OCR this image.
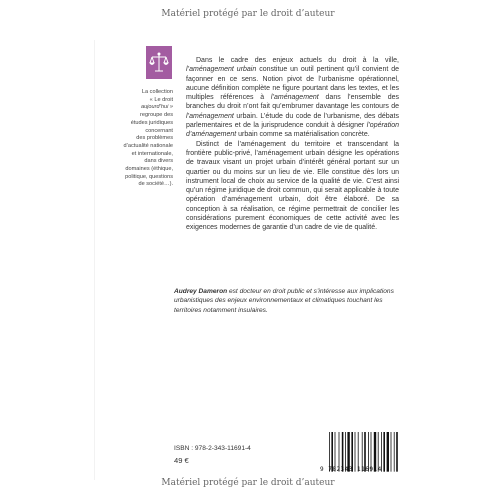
Matériel protégé par le droit d’auteur
La collection
« Le droit
aujourd’hui »
regroupe des
études juridiques
concernant
des problèmes
d’actualité nationale
et internationale,
dans divers
domaines (éthique,
politique, questions
de société…).

Dans le cadre des enjeux actuels du droit à la ville, l’aménagement urbain constitue un outil pertinent qu’il convient de façonner en ce sens. Notion pivot de l’urbanisme opérationnel, aucune définition complète ne figure pourtant dans les textes, et les multiples références à l’aménagement dans l’ensemble des branches du droit n’ont fait qu’embrumer davantage les contours de l’aménagement urbain. L’étude du code de l’urbanisme, des débats parlementaires et de la jurisprudence conduit à désigner l’opération d’aménagement urbain comme sa matérialisation concrète.

Distinct de l’aménagement du territoire et transcendant la frontière public-privé, l’aménagement urbain désigne les opérations de travaux visant un projet urbain d’intérêt général portant sur un quartier ou du moins sur un lieu de vie. Elle constitue dès lors un instrument local de choix au service de la qualité de vie. C’est ainsi qu’un régime juridique de droit commun, qui serait applicable à toute opération d’aménagement urbain, doit être élaboré. De sa conception à sa réalisation, ce régime permettrait de concilier les considérations purement économiques de cette activité avec les exigences modernes de garantie d’un cadre de vie de qualité.

Audrey Dameron est docteur en droit public et s’intéresse aux implications urbanistiques des enjeux environnementaux et climatiques touchant les territoires notamment insulaires.
ISBN : 978-2-343-11691-4
49 €
9 782343 116914
Matériel protégé par le droit d’auteur
